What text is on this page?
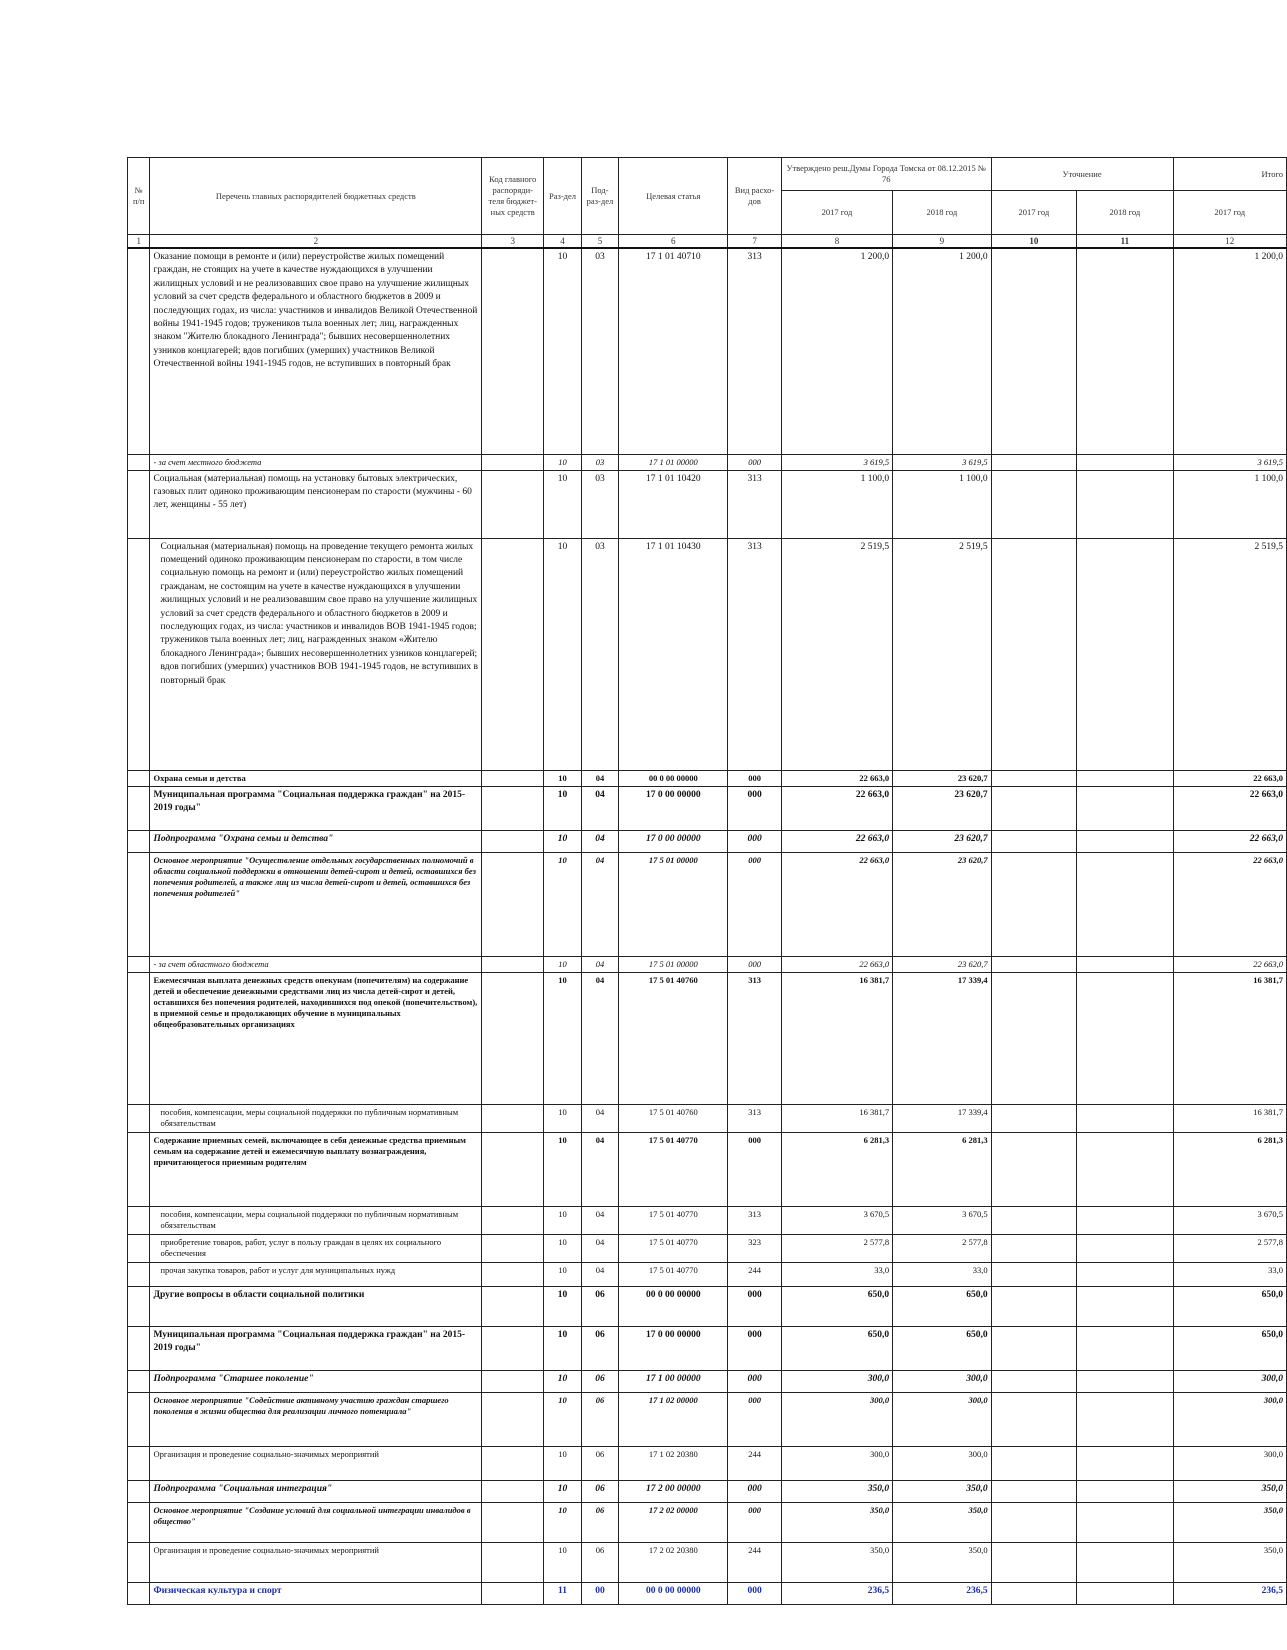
№ п/п	Перечень главных распорядителей бюджетных средств	Код главного распоряди-теля бюджет-ных средств	Раз-дел	Под-раз-дел	Целевая статья	Вид расхо-дов	Утверждено реш.Думы Города Томска от 08.12.2015 № 76		Уточнение		Итого
							2017 год	2018 год	2017 год	2018 год	2017 год
1	2	3	4	5	6	7	8	9	10	11	12
	Оказание помощи в ремонте и (или) переустройстве жилых помещений граждан, не стоящих на учете в качестве нуждающихся в улучшении жилищных условий и не реализовавших свое право на улучшение жилищных условий за счет средств федерального и областного бюджетов в 2009 и последующих годах, из числа: участников и инвалидов Великой Отечественной войны 1941-1945 годов; тружеников тыла военных лет; лиц, награжденных знаком "Жителю блокадного Ленинграда"; бывших несовершеннолетних узников концлагерей; вдов погибших (умерших) участников Великой Отечественной войны 1941-1945 годов, не вступивших в повторный брак		10	03	17 1 01 40710	313	1 200,0	1 200,0			1 200,0
	- за счет местного бюджета		10	03	17 1 01 00000	000	3 619,5	3 619,5			3 619,5
	Социальная (материальная) помощь на установку бытовых электрических, газовых плит одиноко проживающим пенсионерам по старости (мужчины - 60 лет, женщины - 55 лет)		10	03	17 1 01 10420	313	1 100,0	1 100,0			1 100,0
	Социальная (материальная) помощь на проведение текущего ремонта жилых помещений одиноко проживающим пенсионерам по старости, в том числе социальную помощь на ремонт и (или) переустройство жилых помещений гражданам, не состоящим на учете в качестве нуждающихся в улучшении жилищных условий и не реализовавшим свое право на улучшение жилищных условий за счет средств федерального и областного бюджетов в 2009 и последующих годах, из числа: участников и инвалидов ВОВ 1941-1945 годов; тружеников тыла военных лет; лиц, награжденных знаком «Жителю блокадного Ленинграда»; бывших несовершеннолетних узников концлагерей; вдов погибших (умерших) участников ВОВ 1941-1945 годов, не вступивших в повторный брак		10	03	17 1 01 10430	313	2 519,5	2 519,5			2 519,5
	Охрана семьи и детства		10	04	00 0 00 00000	000	22 663,0	23 620,7			22 663,0
	Муниципальная программа "Социальная поддержка граждан" на 2015-2019 годы"		10	04	17 0 00 00000	000	22 663,0	23 620,7			22 663,0
	Подпрограмма "Охрана семьи и детства"		10	04	17 0 00 00000	000	22 663,0	23 620,7			22 663,0
	Основное мероприятие "Осуществление отдельных государственных полномочий в области социальной поддержки в отношении детей-сирот и детей, оставшихся без попечения родителей, а также лиц из числа детей-сирот и детей, оставшихся без попечения родителей"		10	04	17 5 01 00000	000	22 663,0	23 620,7			22 663,0
	- за счет областного бюджета		10	04	17 5 01 00000	000	22 663,0	23 620,7			22 663,0
	Ежемесячная выплата денежных средств опекунам (попечителям) на содержание детей и обеспечение денежными средствами лиц из числа детей-сирот и детей, оставшихся без попечения родителей, находившихся под опекой (попечительством), в приемной семье и продолжающих обучение в муниципальных общеобразовательных организациях		10	04	17 5 01 40760	313	16 381,7	17 339,4			16 381,7
	пособия, компенсации, меры социальной поддержки по публичным нормативным обязательствам		10	04	17 5 01 40760	313	16 381,7	17 339,4			16 381,7
	Содержание приемных семей, включающее в себя денежные средства приемным семьям на содержание детей и ежемесячную выплату вознаграждения, причитающегося приемным родителям		10	04	17 5 01 40770	000	6 281,3	6 281,3			6 281,3
	пособия, компенсации, меры социальной поддержки по публичным нормативным обязательствам		10	04	17 5 01 40770	313	3 670,5	3 670,5			3 670,5
	приобретение товаров, работ, услуг в пользу граждан в целях их социального обеспечения		10	04	17 5 01 40770	323	2 577,8	2 577,8			2 577,8
	прочая закупка товаров, работ и услуг для муниципальных нужд		10	04	17 5 01 40770	244	33,0	33,0			33,0
	Другие вопросы в области социальной политики		10	06	00 0 00 00000	000	650,0	650,0			650,0
	Муниципальная программа "Социальная поддержка граждан" на 2015-2019 годы"		10	06	17 0 00 00000	000	650,0	650,0			650,0
	Подпрограмма "Старшее поколение"		10	06	17 1 00 00000	000	300,0	300,0			300,0
	Основное мероприятие "Содействие активному участию граждан старшего поколения в жизни общества для реализации личного потенциала"		10	06	17 1 02 00000	000	300,0	300,0			300,0
	Организация и проведение социально-значимых мероприятий		10	06	17 1 02 20380	244	300,0	300,0			300,0
	Подпрограмма "Социальная интеграция"		10	06	17 2 00 00000	000	350,0	350,0			350,0
	Основное мероприятие "Создание условий для социальной интеграции инвалидов в общество"		10	06	17 2 02 00000	000	350,0	350,0			350,0
	Организация и проведение социально-значимых мероприятий		10	06	17 2 02 20380	244	350,0	350,0			350,0
	Физическая культура и спорт		11	00	00 0 00 00000	000	236,5	236,5			236,5
